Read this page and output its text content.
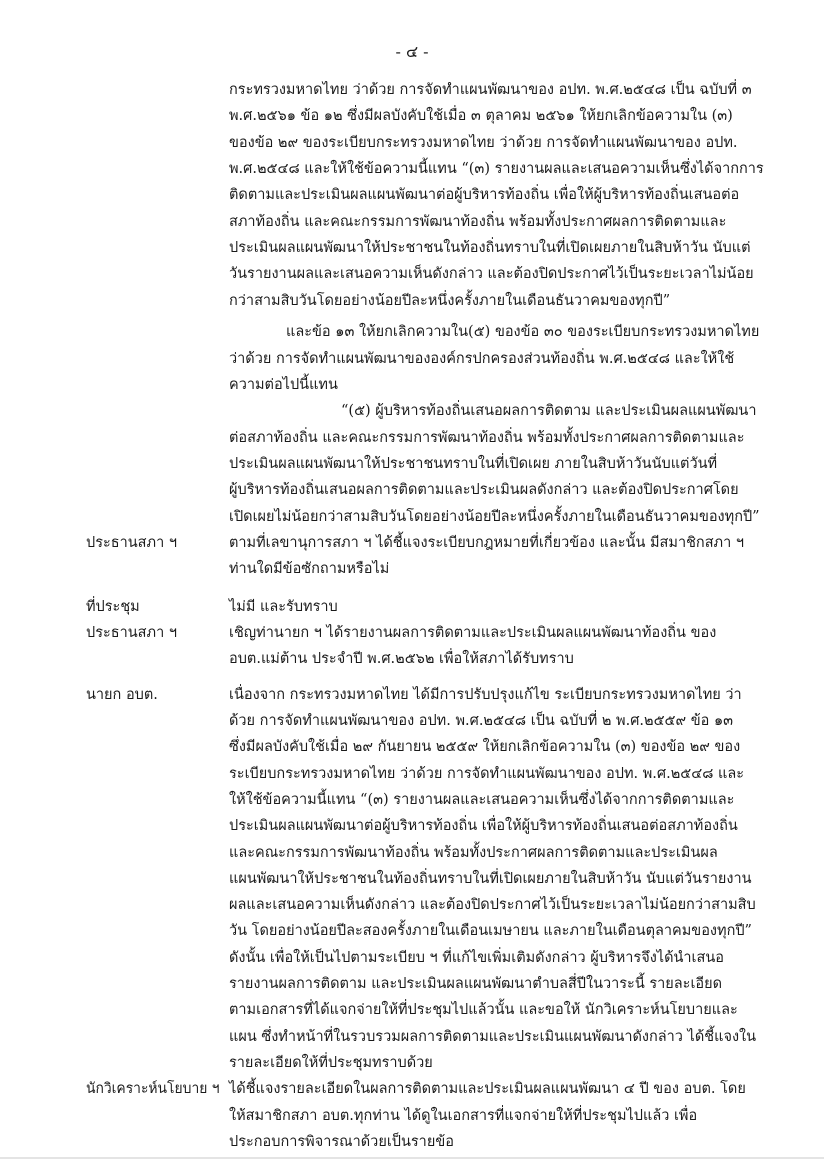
- ๔ -
กระทรวงมหาดไทย ว่าด้วย การจัดทำแผนพัฒนาของ อปท. พ.ศ.๒๕๔๘ เป็น ฉบับที่ ๓
พ.ศ.๒๕๖๑ ข้อ ๑๒ ซึ่งมีผลบังคับใช้เมื่อ ๓ ตุลาคม ๒๕๖๑ ให้ยกเลิกข้อความใน (๓)
ของข้อ ๒๙ ของระเบียบกระทรวงมหาดไทย ว่าด้วย การจัดทำแผนพัฒนาของ อปท.
พ.ศ.๒๕๔๘ และให้ใช้ข้อความนี้แทน “(๓) รายงานผลและเสนอความเห็นซึ่งได้จากการ
ติดตามและประเมินผลแผนพัฒนาต่อผู้บริหารท้องถิ่น เพื่อให้ผู้บริหารท้องถิ่นเสนอต่อ
สภาท้องถิ่น และคณะกรรมการพัฒนาท้องถิ่น พร้อมทั้งประกาศผลการติดตามและ
ประเมินผลแผนพัฒนาให้ประชาชนในท้องถิ่นทราบในที่เปิดเผยภายในสิบห้าวัน นับแต่
วันรายงานผลและเสนอความเห็นดังกล่าว และต้องปิดประกาศไว้เป็นระยะเวลาไม่น้อย
กว่าสามสิบวันโดยอย่างน้อยปีละหนึ่งครั้งภายในเดือนธันวาคมของทุกปี”
และข้อ ๑๓ ให้ยกเลิกความใน(๕) ของข้อ ๓๐ ของระเบียบกระทรวงมหาดไทย
ว่าด้วย การจัดทำแผนพัฒนาขององค์กรปกครองส่วนท้องถิ่น พ.ศ.๒๕๔๘ และให้ใช้
ความต่อไปนี้แทน
“(๕) ผู้บริหารท้องถิ่นเสนอผลการติดตาม และประเมินผลแผนพัฒนา
ต่อสภาท้องถิ่น และคณะกรรมการพัฒนาท้องถิ่น พร้อมทั้งประกาศผลการติดตามและ
ประเมินผลแผนพัฒนาให้ประชาชนทราบในที่เปิดเผย ภายในสิบห้าวันนับแต่วันที่
ผู้บริหารท้องถิ่นเสนอผลการติดตามและประเมินผลดังกล่าว และต้องปิดประกาศโดย
เปิดเผยไม่น้อยกว่าสามสิบวันโดยอย่างน้อยปีละหนึ่งครั้งภายในเดือนธันวาคมของทุกปี”
ประธานสภา ฯ	ตามที่เลขานุการสภา ฯ ได้ชี้แจงระเบียบกฎหมายที่เกี่ยวข้อง และนั้น มีสมาชิกสภา ฯ
ท่านใดมีข้อซักถามหรือไม่
ที่ประชุม	ไม่มี และรับทราบ
ประธานสภา ฯ	เชิญท่านายก ฯ ได้รายงานผลการติดตามและประเมินผลแผนพัฒนาท้องถิ่น ของ
อบต.แม่ต้าน ประจำปี พ.ศ.๒๕๖๒ เพื่อให้สภาได้รับทราบ
นายก อบต.	เนื่องจาก กระทรวงมหาดไทย ได้มีการปรับปรุงแก้ไข ระเบียบกระทรวงมหาดไทย ว่า
ด้วย การจัดทำแผนพัฒนาของ อปท. พ.ศ.๒๕๔๘ เป็น ฉบับที่ ๒ พ.ศ.๒๕๕๙ ข้อ ๑๓
ซึ่งมีผลบังคับใช้เมื่อ ๒๙ กันยายน ๒๕๕๙ ให้ยกเลิกข้อความใน (๓) ของข้อ ๒๙ ของ
ระเบียบกระทรวงมหาดไทย ว่าด้วย การจัดทำแผนพัฒนาของ อปท. พ.ศ.๒๕๔๘ และ
ให้ใช้ข้อความนี้แทน “(๓) รายงานผลและเสนอความเห็นซึ่งได้จากการติดตามและ
ประเมินผลแผนพัฒนาต่อผู้บริหารท้องถิ่น เพื่อให้ผู้บริหารท้องถิ่นเสนอต่อสภาท้องถิ่น
และคณะกรรมการพัฒนาท้องถิ่น พร้อมทั้งประกาศผลการติดตามและประเมินผล
แผนพัฒนาให้ประชาชนในท้องถิ่นทราบในที่เปิดเผยภายในสิบห้าวัน นับแต่วันรายงาน
ผลและเสนอความเห็นดังกล่าว และต้องปิดประกาศไว้เป็นระยะเวลาไม่น้อยกว่าสามสิบ
วัน โดยอย่างน้อยปีละสองครั้งภายในเดือนเมษายน และภายในเดือนตุลาคมของทุกปี”
ดังนั้น เพื่อให้เป็นไปตามระเบียบ ฯ ที่แก้ไขเพิ่มเติมดังกล่าว ผู้บริหารจึงได้นำเสนอ
รายงานผลการติดตาม และประเมินผลแผนพัฒนาตำบลสี่ปีในวาระนี้ รายละเอียด
ตามเอกสารที่ได้แจกจ่ายให้ที่ประชุมไปแล้วนั้น และขอให้ นักวิเคราะห์นโยบายและ
แผน ซึ่งทำหน้าที่ในรวบรวมผลการติดตามและประเมินแผนพัฒนาดังกล่าว ได้ชี้แจงใน
รายละเอียดให้ที่ประชุมทราบด้วย
นักวิเคราะห์นโยบาย ฯ ได้ชี้แจงรายละเอียดในผลการติดตามและประเมินผลแผนพัฒนา ๔ ปี ของ อบต. โดย
ให้สมาชิกสภา อบต.ทุกท่าน ได้ดูในเอกสารที่แจกจ่ายให้ที่ประชุมไปแล้ว เพื่อ
ประกอบการพิจารณาด้วยเป็นรายข้อ
